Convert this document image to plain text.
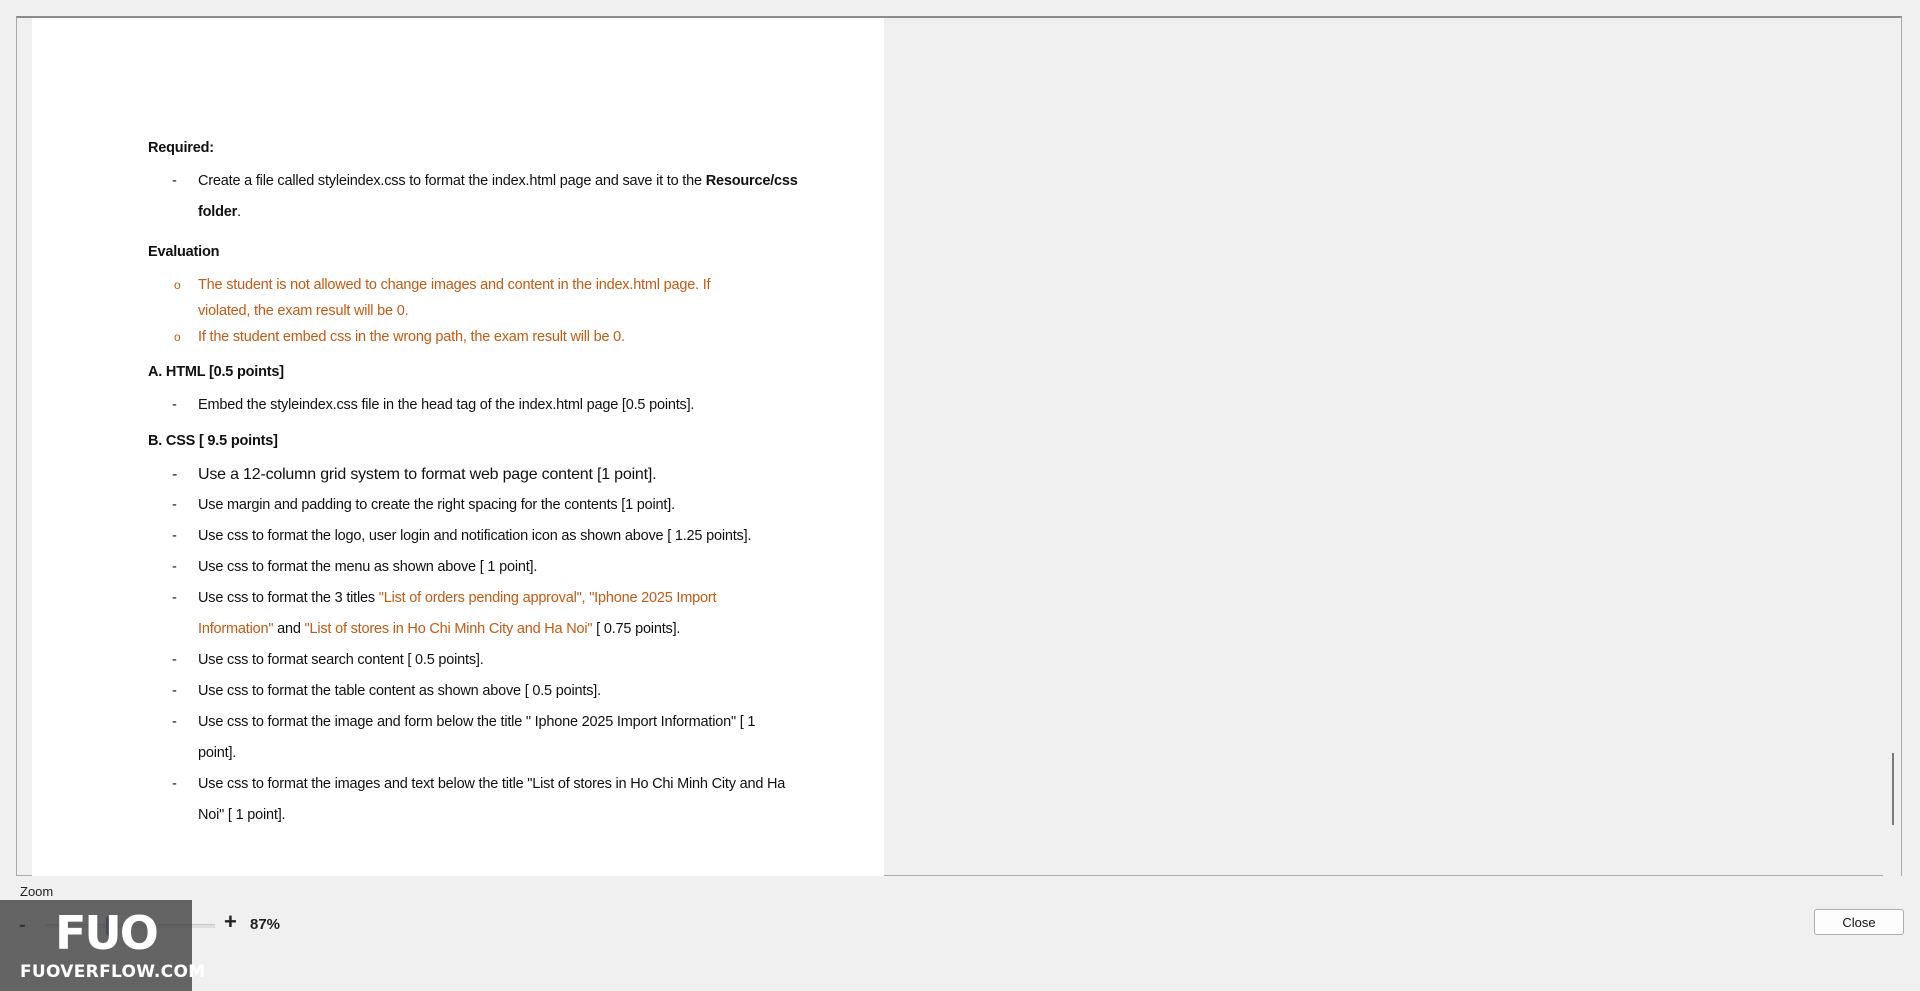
Required:

- Create a file called styleindex.css to format the index.html page and save it to the Resource/css
folder.

Evaluation

o The student is not allowed to change images and content in the index.html page. If
violated, the exam result will be 0.
o If the student embed css in the wrong path, the exam result will be 0.

A. HTML [0.5 points]

- Embed the styleindex.css file in the head tag of the index.html page [0.5 points].

B. CSS [ 9.5 points]

- Use a 12-column grid system to format web page content [1 point].
- Use margin and padding to create the right spacing for the contents [1 point].
- Use css to format the logo, user login and notification icon as shown above [ 1.25 points].
- Use css to format the menu as shown above [ 1 point].
- Use css to format the 3 titles "List of orders pending approval", "Iphone 2025 Import
Information" and "List of stores in Ho Chi Minh City and Ha Noi" [ 0.75 points].
- Use css to format search content [ 0.5 points].
- Use css to format the table content as shown above [ 0.5 points].
- Use css to format the image and form below the title " Iphone 2025 Import Information" [ 1
point].
- Use css to format the images and text below the title "List of stores in Ho Chi Minh City and Ha
Noi" [ 1 point].
Zoom
+ 87%
FUO
FUOVERFLOW.COM
Close
